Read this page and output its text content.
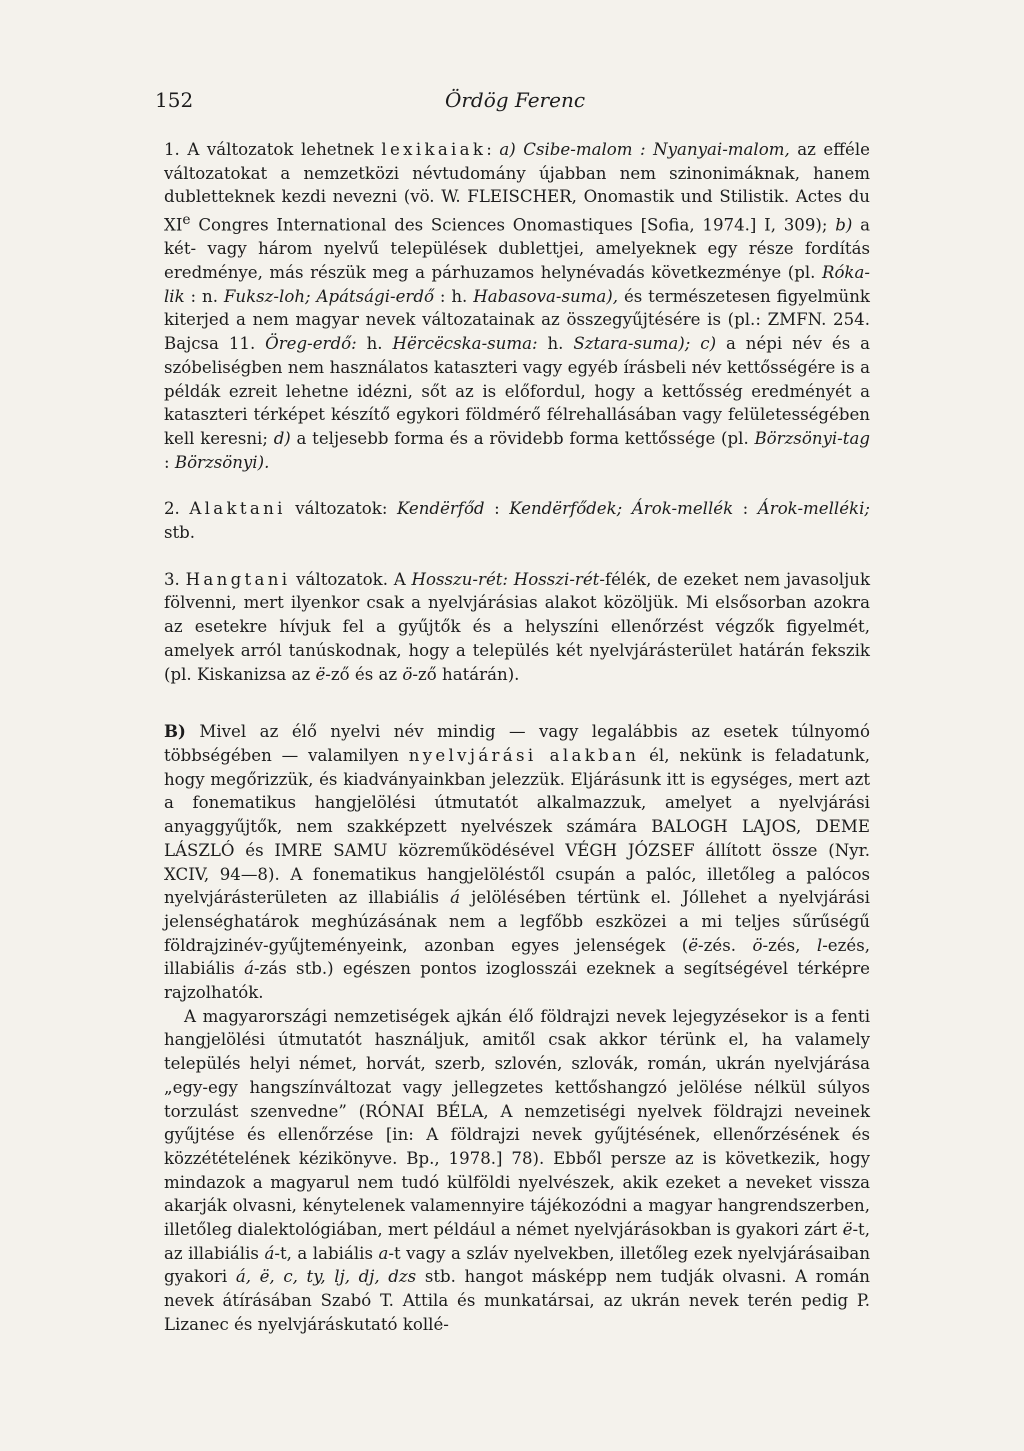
152	Ördög Ferenc

1. A változatok lehetnek lexikaiak: a) Csibe-malom : Nyanyai-malom, az efféle változatokat a nemzetközi névtudomány újabban nem szinonimáknak, hanem dubletteknek kezdi nevezni (vö. W. FLEISCHER, Onomastik und Stilistik. Actes du XIe Congres International des Sciences Onomastiques [Sofia, 1974.] I, 309); b) a két- vagy három nyelvű települések dublettjei, amelyeknek egy része fordítás eredménye, más részük meg a párhuzamos helynévadás következménye (pl. Róka-lik : n. Fuksz-loh; Apátsági-erdő : h. Habasova-suma), és természetesen figyelmünk kiterjed a nem magyar nevek változatainak az összegyűjtésére is (pl.: ZMFN. 254. Bajcsa 11. Öreg-erdő: h. Hërcëcska-suma: h. Sztara-suma); c) a népi név és a szóbeliségben nem használatos kataszteri vagy egyéb írásbeli név kettősségére is a példák ezreit lehetne idézni, sőt az is előfordul, hogy a kettősség eredményét a kataszteri térképet készítő egykori földmérő félrehallásában vagy felületességében kell keresni; d) a teljesebb forma és a rövidebb forma kettőssége (pl. Börzsönyi-tag : Börzsönyi).

2. Alaktani változatok: Kendërfőd : Kendërfődek; Árok-mellék : Árok-melléki; stb.

3. Hangtani változatok. A Hosszu-rét: Hosszi-rét-félék, de ezeket nem javasoljuk fölvenni, mert ilyenkor csak a nyelvjárásias alakot közöljük. Mi elsősorban azokra az esetekre hívjuk fel a gyűjtők és a helyszíni ellenőrzést végzők figyelmét, amelyek arról tanúskodnak, hogy a település két nyelvjárásterület határán fekszik (pl. Kiskanizsa az ë-ző és az ö-ző határán).

B) Mivel az élő nyelvi név mindig — vagy legalábbis az esetek túlnyomó többségében — valamilyen nyelvjárási alakban él, nekünk is feladatunk, hogy megőrizzük, és kiadványainkban jelezzük. Eljárásunk itt is egységes, mert azt a fonematikus hangjelölési útmutatót alkalmazzuk, amelyet a nyelvjárási anyaggyűjtők, nem szakképzett nyelvészek számára BALOGH LAJOS, DEME LÁSZLÓ és IMRE SAMU közreműködésével VÉGH JÓZSEF állított össze (Nyr. XCIV, 94—8). A fonematikus hangjelöléstől csupán a palóc, illetőleg a palócos nyelvjárásterületen az illabiális á jelölésében tértünk el. Jóllehet a nyelvjárási jelenséghatárok meghúzásának nem a legfőbb eszközei a mi teljes sűrűségű földrajzinév-gyűjteményeink, azonban egyes jelenségek (ë-zés. ö-zés, l-ezés, illabiális á-zás stb.) egészen pontos izoglosszái ezeknek a segítségével térképre rajzolhatók.

A magyarországi nemzetiségek ajkán élő földrajzi nevek lejegyzésekor is a fenti hangjelölési útmutatót használjuk, amitől csak akkor térünk el, ha valamely település helyi német, horvát, szerb, szlovén, szlovák, román, ukrán nyelvjárása „egy-egy hangszínváltozat vagy jellegzetes kettőshangzó jelölése nélkül súlyos torzulást szenvedne” (RÓNAI BÉLA, A nemzetiségi nyelvek földrajzi neveinek gyűjtése és ellenőrzése [in: A földrajzi nevek gyűjtésének, ellenőrzésének és közzétételének kézikönyve. Bp., 1978.] 78). Ebből persze az is következik, hogy mindazok a magyarul nem tudó külföldi nyelvészek, akik ezeket a neveket vissza akarják olvasni, kénytelenek valamennyire tájékozódni a magyar hangrendszerben, illetőleg dialektológiában, mert például a német nyelvjárásokban is gyakori zárt ë-t, az illabiális á-t, a labiális a-t vagy a szláv nyelvekben, illetőleg ezek nyelvjárásaiban gyakori á, ë, c, ty, lj, dj, dzs stb. hangot másképp nem tudják olvasni. A román nevek átírásában Szabó T. Attila és munkatársai, az ukrán nevek terén pedig P. Lizanec és nyelvjáráskutató kollé-
